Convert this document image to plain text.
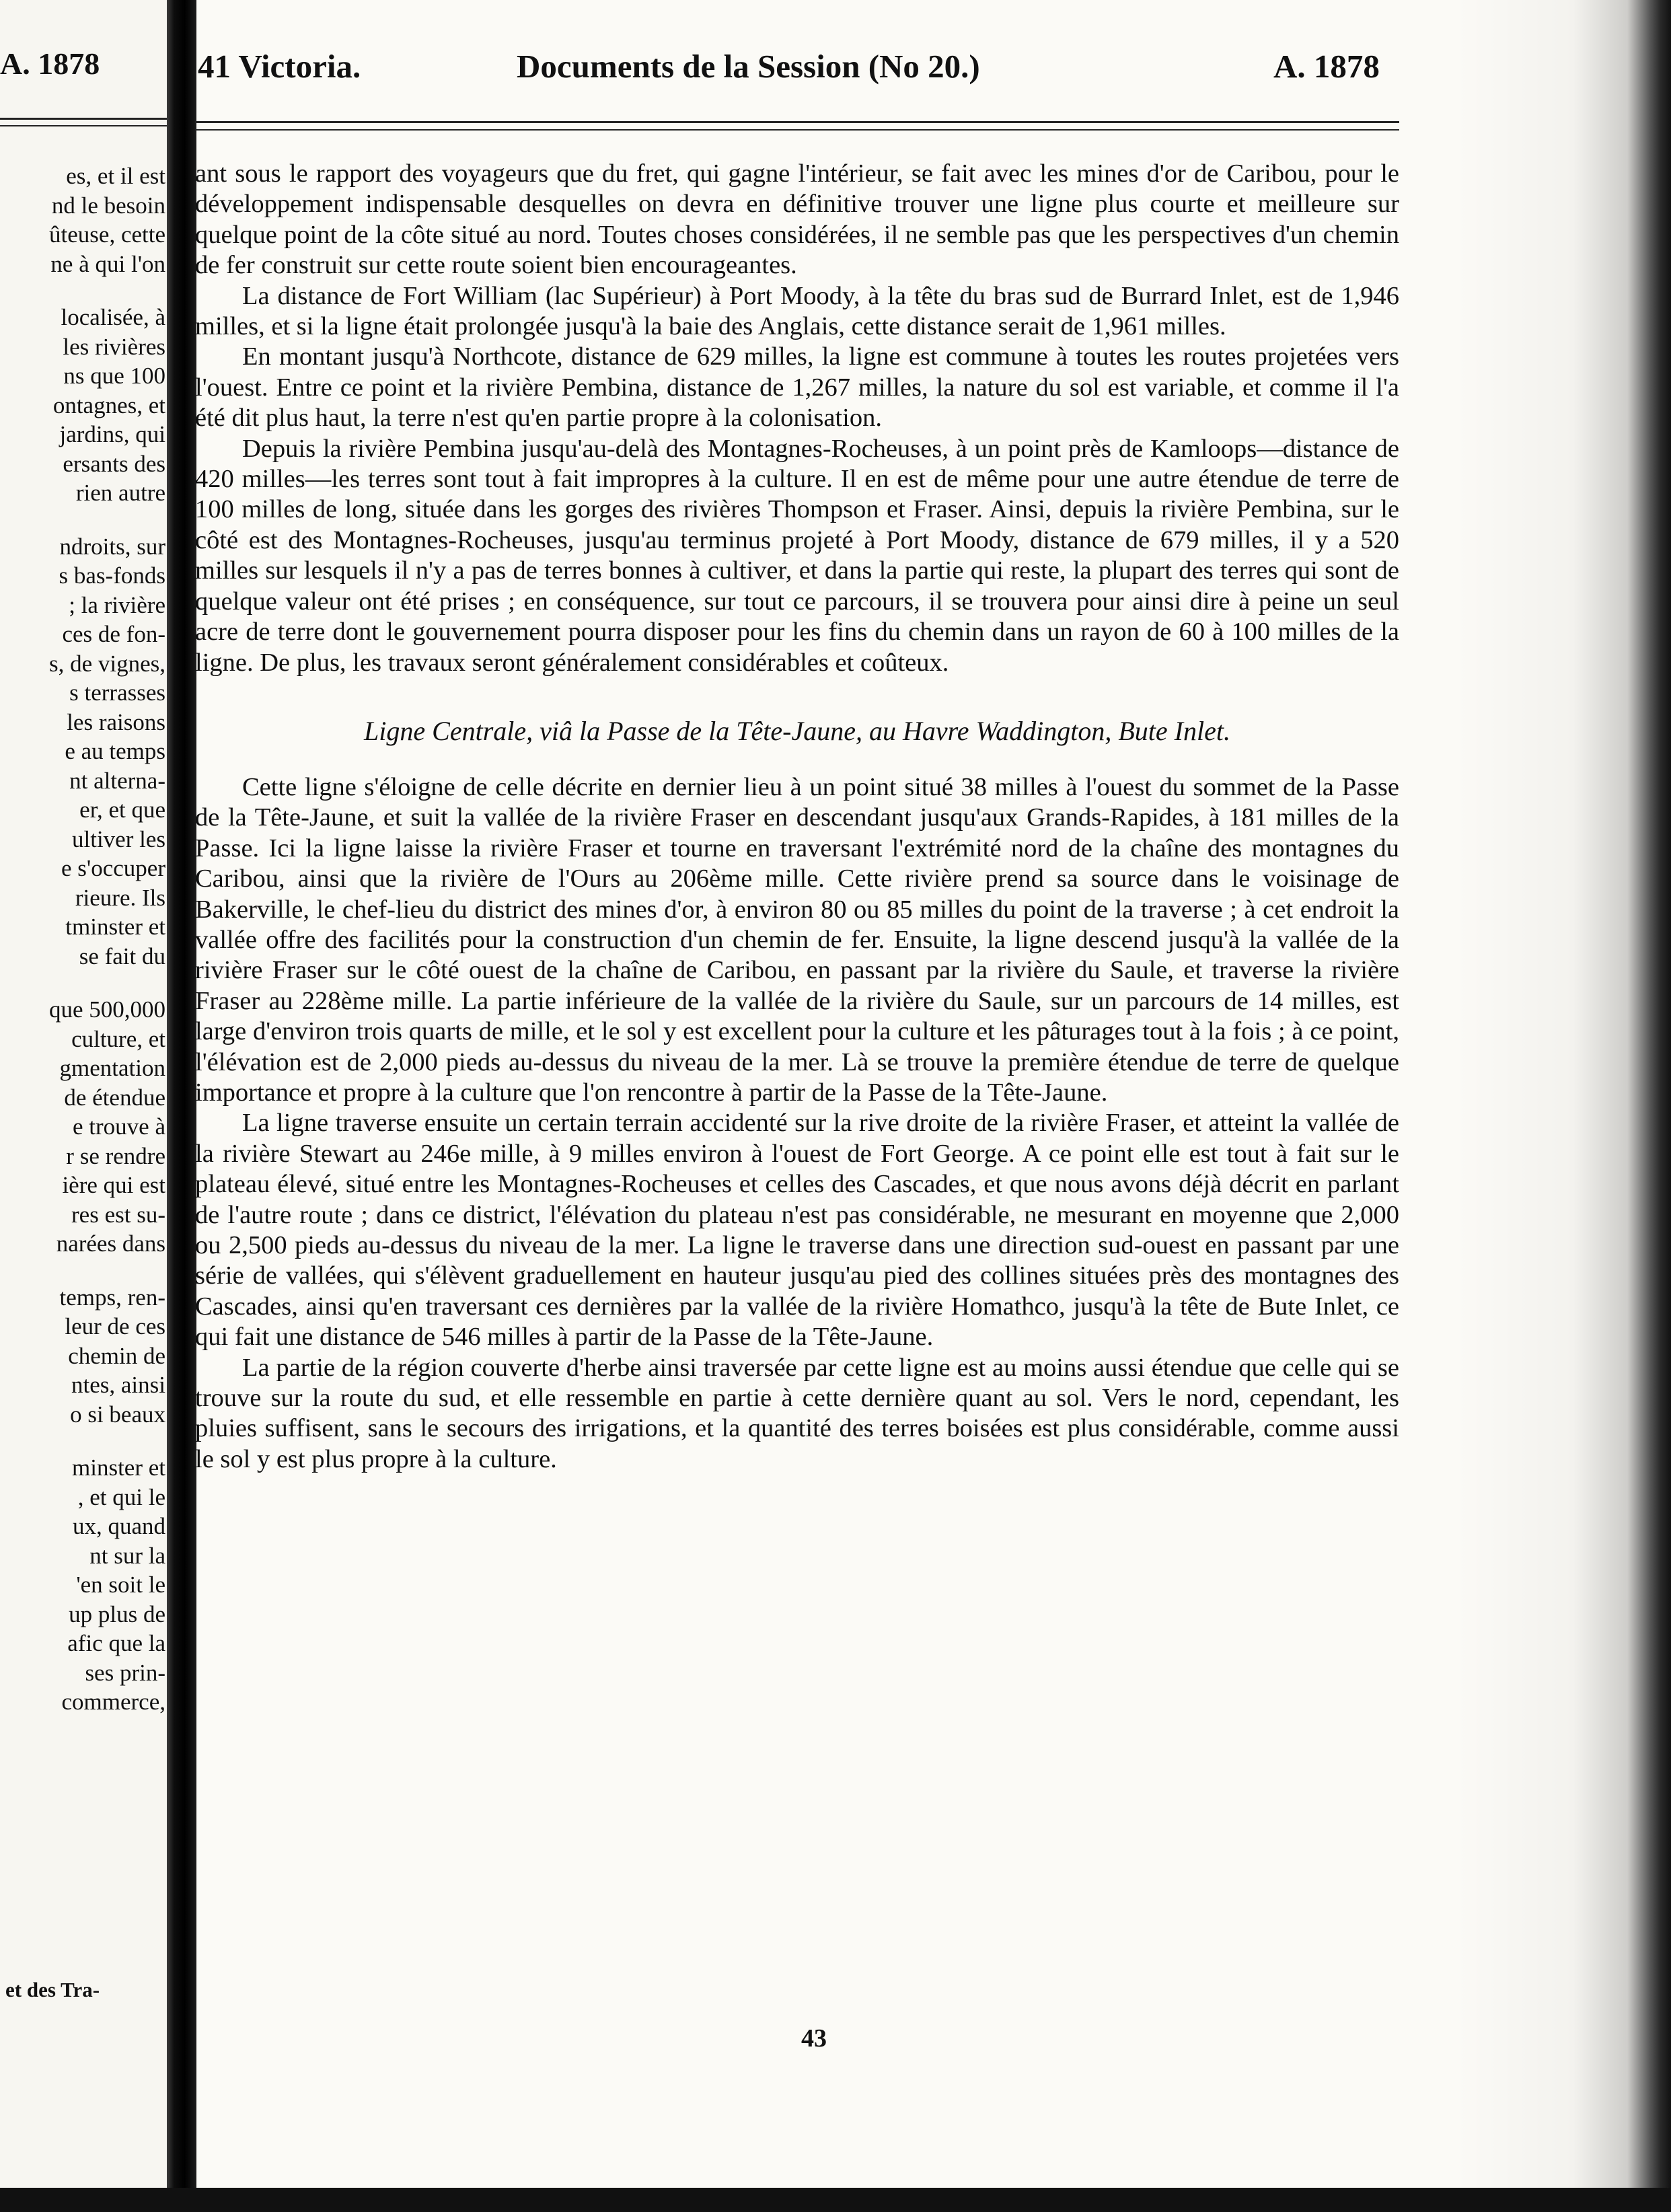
A. 1878
es, et il est
nd le besoin
ûteuse, cette
ne à qui l'on
localisée, à
les rivières
ns que 100
ontagnes, et
jardins, qui
ersants des
rien autre
ndroits, sur
s bas-fonds
; la rivière
ces de fon-
s, de vignes,
s terrasses
les raisons
e au temps
nt alterna-
er, et que
ultiver les
e s'occuper
rieure. Ils
tminster et
se fait du
que 500,000
culture, et
gmentation
de étendue
e trouve à
r se rendre
ière qui est
res est su-
narées dans
temps, ren-
leur de ces
chemin de
ntes, ainsi
o si beaux
minster et
, et qui le
ux, quand
nt sur la
'en soit le
up plus de
afic que la
ses prin-
commerce,
et des Tra-
41 Victoria.	Documents de la Session (No 20.)	A. 1878

ant sous le rapport des voyageurs que du fret, qui gagne l'intérieur, se fait avec les mines d'or de Caribou, pour le développement indispensable desquelles on devra en définitive trouver une ligne plus courte et meilleure sur quelque point de la côte situé au nord. Toutes choses considérées, il ne semble pas que les perspectives d'un chemin de fer construit sur cette route soient bien encourageantes.

La distance de Fort William (lac Supérieur) à Port Moody, à la tête du bras sud de Burrard Inlet, est de 1,946 milles, et si la ligne était prolongée jusqu'à la baie des Anglais, cette distance serait de 1,961 milles.

En montant jusqu'à Northcote, distance de 629 milles, la ligne est commune à toutes les routes projetées vers l'ouest. Entre ce point et la rivière Pembina, distance de 1,267 milles, la nature du sol est variable, et comme il l'a été dit plus haut, la terre n'est qu'en partie propre à la colonisation.

Depuis la rivière Pembina jusqu'au-delà des Montagnes-Rocheuses, à un point près de Kamloops—distance de 420 milles—les terres sont tout à fait impropres à la culture. Il en est de même pour une autre étendue de terre de 100 milles de long, située dans les gorges des rivières Thompson et Fraser. Ainsi, depuis la rivière Pembina, sur le côté est des Montagnes-Rocheuses, jusqu'au terminus projeté à Port Moody, distance de 679 milles, il y a 520 milles sur lesquels il n'y a pas de terres bonnes à cultiver, et dans la partie qui reste, la plupart des terres qui sont de quelque valeur ont été prises ; en conséquence, sur tout ce parcours, il se trouvera pour ainsi dire à peine un seul acre de terre dont le gouvernement pourra disposer pour les fins du chemin dans un rayon de 60 à 100 milles de la ligne. De plus, les travaux seront généralement considérables et coûteux.

Ligne Centrale, viâ la Passe de la Tête-Jaune, au Havre Waddington, Bute Inlet.

Cette ligne s'éloigne de celle décrite en dernier lieu à un point situé 38 milles à l'ouest du sommet de la Passe de la Tête-Jaune, et suit la vallée de la rivière Fraser en descendant jusqu'aux Grands-Rapides, à 181 milles de la Passe. Ici la ligne laisse la rivière Fraser et tourne en traversant l'extrémité nord de la chaîne des montagnes du Caribou, ainsi que la rivière de l'Ours au 206ème mille. Cette rivière prend sa source dans le voisinage de Bakerville, le chef-lieu du district des mines d'or, à environ 80 ou 85 milles du point de la traverse ; à cet endroit la vallée offre des facilités pour la construction d'un chemin de fer. Ensuite, la ligne descend jusqu'à la vallée de la rivière Fraser sur le côté ouest de la chaîne de Caribou, en passant par la rivière du Saule, et traverse la rivière Fraser au 228ème mille. La partie inférieure de la vallée de la rivière du Saule, sur un parcours de 14 milles, est large d'environ trois quarts de mille, et le sol y est excellent pour la culture et les pâturages tout à la fois ; à ce point, l'élévation est de 2,000 pieds au-dessus du niveau de la mer. Là se trouve la première étendue de terre de quelque importance et propre à la culture que l'on rencontre à partir de la Passe de la Tête-Jaune.

La ligne traverse ensuite un certain terrain accidenté sur la rive droite de la rivière Fraser, et atteint la vallée de la rivière Stewart au 246e mille, à 9 milles environ à l'ouest de Fort George. A ce point elle est tout à fait sur le plateau élevé, situé entre les Montagnes-Rocheuses et celles des Cascades, et que nous avons déjà décrit en parlant de l'autre route ; dans ce district, l'élévation du plateau n'est pas considérable, ne mesurant en moyenne que 2,000 ou 2,500 pieds au-dessus du niveau de la mer. La ligne le traverse dans une direction sud-ouest en passant par une série de vallées, qui s'élèvent graduellement en hauteur jusqu'au pied des collines situées près des montagnes des Cascades, ainsi qu'en traversant ces dernières par la vallée de la rivière Homathco, jusqu'à la tête de Bute Inlet, ce qui fait une distance de 546 milles à partir de la Passe de la Tête-Jaune.

La partie de la région couverte d'herbe ainsi traversée par cette ligne est au moins aussi étendue que celle qui se trouve sur la route du sud, et elle ressemble en partie à cette dernière quant au sol. Vers le nord, cependant, les pluies suffisent, sans le secours des irrigations, et la quantité des terres boisées est plus considérable, comme aussi le sol y est plus propre à la culture.

43
